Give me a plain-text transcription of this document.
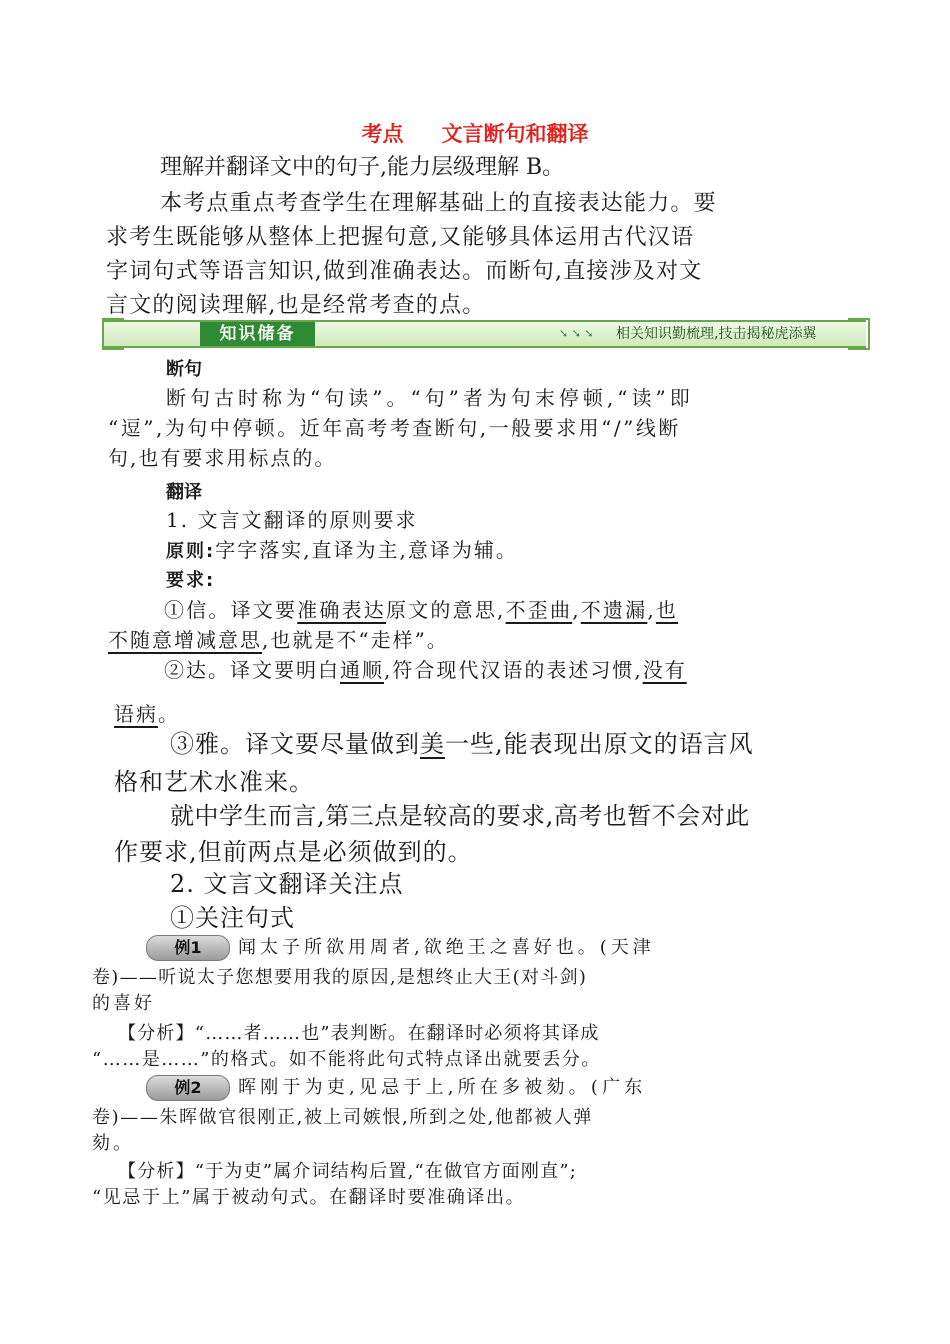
考点 文言断句和翻译
理解并翻译文中的句子,能力层级理解 B。
本考点重点考查学生在理解基础上的直接表达能力。要
求考生既能够从整体上把握句意,又能够具体运用古代汉语
字词句式等语言知识,做到准确表达。而断句,直接涉及对文
言文的阅读理解,也是经常考查的点。
知识储备	➘ ➘ ➘ 相关知识勤梳理,技击揭秘虎添翼
断句
断句古时称为“句读”。“句”者为句末停顿,“读”即
“逗”,为句中停顿。近年高考考查断句,一般要求用“/”线断
句,也有要求用标点的。
翻译
1. 文言文翻译的原则要求
原则:字字落实,直译为主,意译为辅。
要求:
①信。译文要准确表达原文的意思,不歪曲,不遗漏,也
不随意增减意思,也就是不“走样”。
②达。译文要明白通顺,符合现代汉语的表述习惯,没有
语病。
③雅。译文要尽量做到美一些,能表现出原文的语言风
格和艺术水准来。
就中学生而言,第三点是较高的要求,高考也暂不会对此
作要求,但前两点是必须做到的。
2. 文言文翻译关注点
①关注句式
例1 闻太子所欲用周者,欲绝王之喜好也。(天津
卷)——听说太子您想要用我的原因,是想终止大王(对斗剑)
的喜好
【分析】“……者……也”表判断。在翻译时必须将其译成
“……是……”的格式。如不能将此句式特点译出就要丢分。
例2 晖刚于为吏,见忌于上,所在多被劾。(广东
卷)——朱晖做官很刚正,被上司嫉恨,所到之处,他都被人弹
劾。
【分析】“于为吏”属介词结构后置,“在做官方面刚直”;
“见忌于上”属于被动句式。在翻译时要准确译出。
